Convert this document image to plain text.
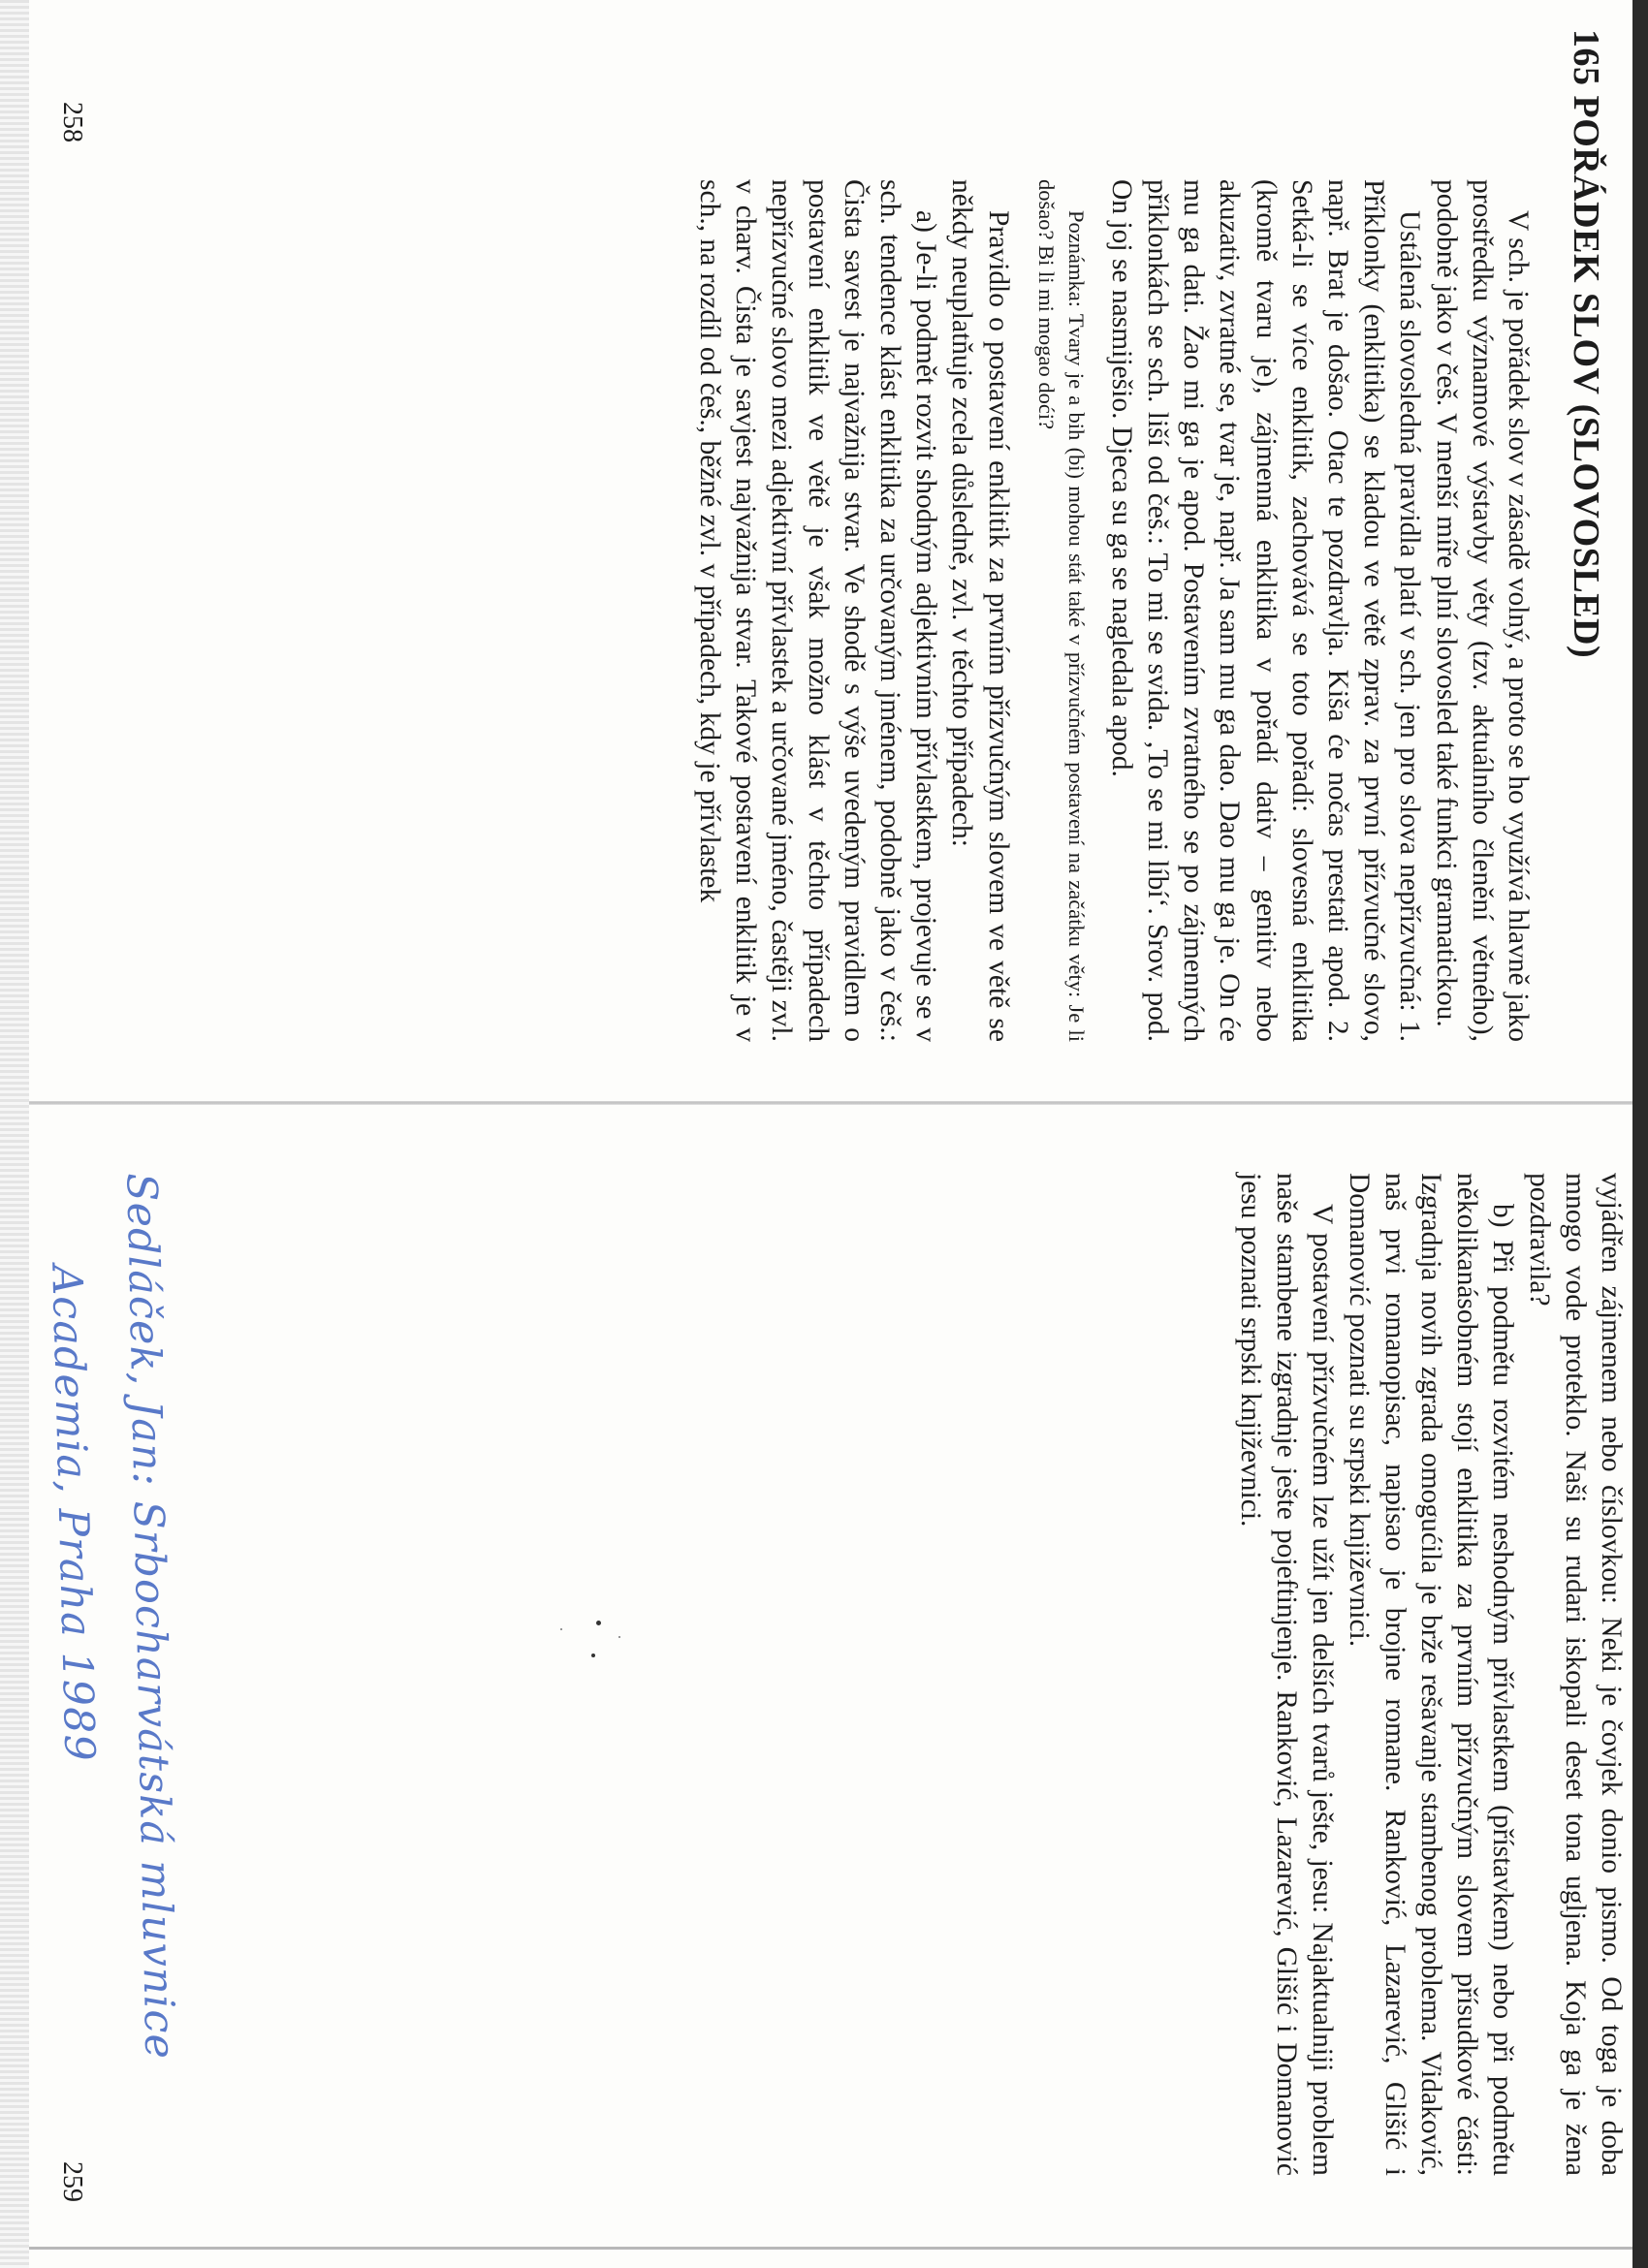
165 POŘÁDEK SLOV (SLOVOSLED)

V sch. je pořádek slov v zásadě volný, a proto se ho využívá hlavně jako prostředku významové výstavby věty (tzv. aktuálního členění větného), podobně jako v češ. V menší míře plní slovosled také funkci gramatickou.

Ustálená slovosledná pravidla platí v sch. jen pro slova nepřízvučná: 1. Příklonky (enklitika) se kladou ve větě zprav. za první přízvučné slovo, např. Brat je došao. Otac te pozdravlja. Kiša će nočas prestati apod. 2. Setká-li se více enklitik, zachovává se toto pořadí: slovesná enklitika (kromě tvaru je), zájmenná enklitika v pořadí dativ – genitiv nebo akuzativ, zvratné se, tvar je, např. Ja sam mu ga dao. Dao mu ga je. On će mu ga dati. Žao mi ga je apod. Postavením zvratného se po zájmenných příklonkách se sch. liší od češ.: To mi se svida. ‚To se mi líbí‘. Srov. pod. On joj se nasmiješio. Djeca su ga se nagledala apod.

Poznámka: Tvary je a bih (bi) mohou stát také v přízvučném postavení na začátku věty: Je li došao? Bi li mi mogao doći?

Pravidlo o postavení enklitik za prvním přízvučným slovem ve větě se někdy neuplatňuje zcela důsledně, zvl. v těchto případech:

a) Je-li podmět rozvit shodným adjektivním přívlastkem, projevuje se v sch. tendence klást enklitika za určovaným jménem, podobně jako v češ.: Čista savest je najvažnija stvar. Ve shodě s výše uvedeným pravidlem o postavení enklitik ve větě je však možno klást v těchto případech nepřízvučné slovo mezi adjektivní přívlastek a určované jméno, častěji zvl. v charv. Čista je savjest najvažnija stvar. Takové postavení enklitik je v sch., na rozdíl od češ., běžné zvl. v případech, kdy je přívlastek

258

vyjádřen zájmenem nebo číslovkou: Neki je čovjek donio pismo. Od toga je doba mnogo vode proteklo. Naši su rudari iskopali deset tona ugljena. Koja ga je žena pozdravila?

b) Při podmětu rozvitém neshodným přívlastkem (přístavkem) nebo při podmětu několikanásobném stojí enklitika za prvním přízvučným slovem přísudkové části: Izgradnja novih zgrada omogućila je brže rešavanje stambenog problema. Vidaković, naš prvi romanopisac, napisao je brojne romane. Ranković, Lazarević, Glišić i Domanović poznati su srpski književnici.

V postavení přízvučném lze užít jen delších tvarů ješte, jesu: Najaktualniji problem naše stambene izgradnje ješte pojeftinjenje. Ranković, Lazarević, Glišić i Domanović jesu poznati srpski književnici.

259
Sedláček, Jan: Srbocharvátská mluvnice
Academia, Praha 1989
